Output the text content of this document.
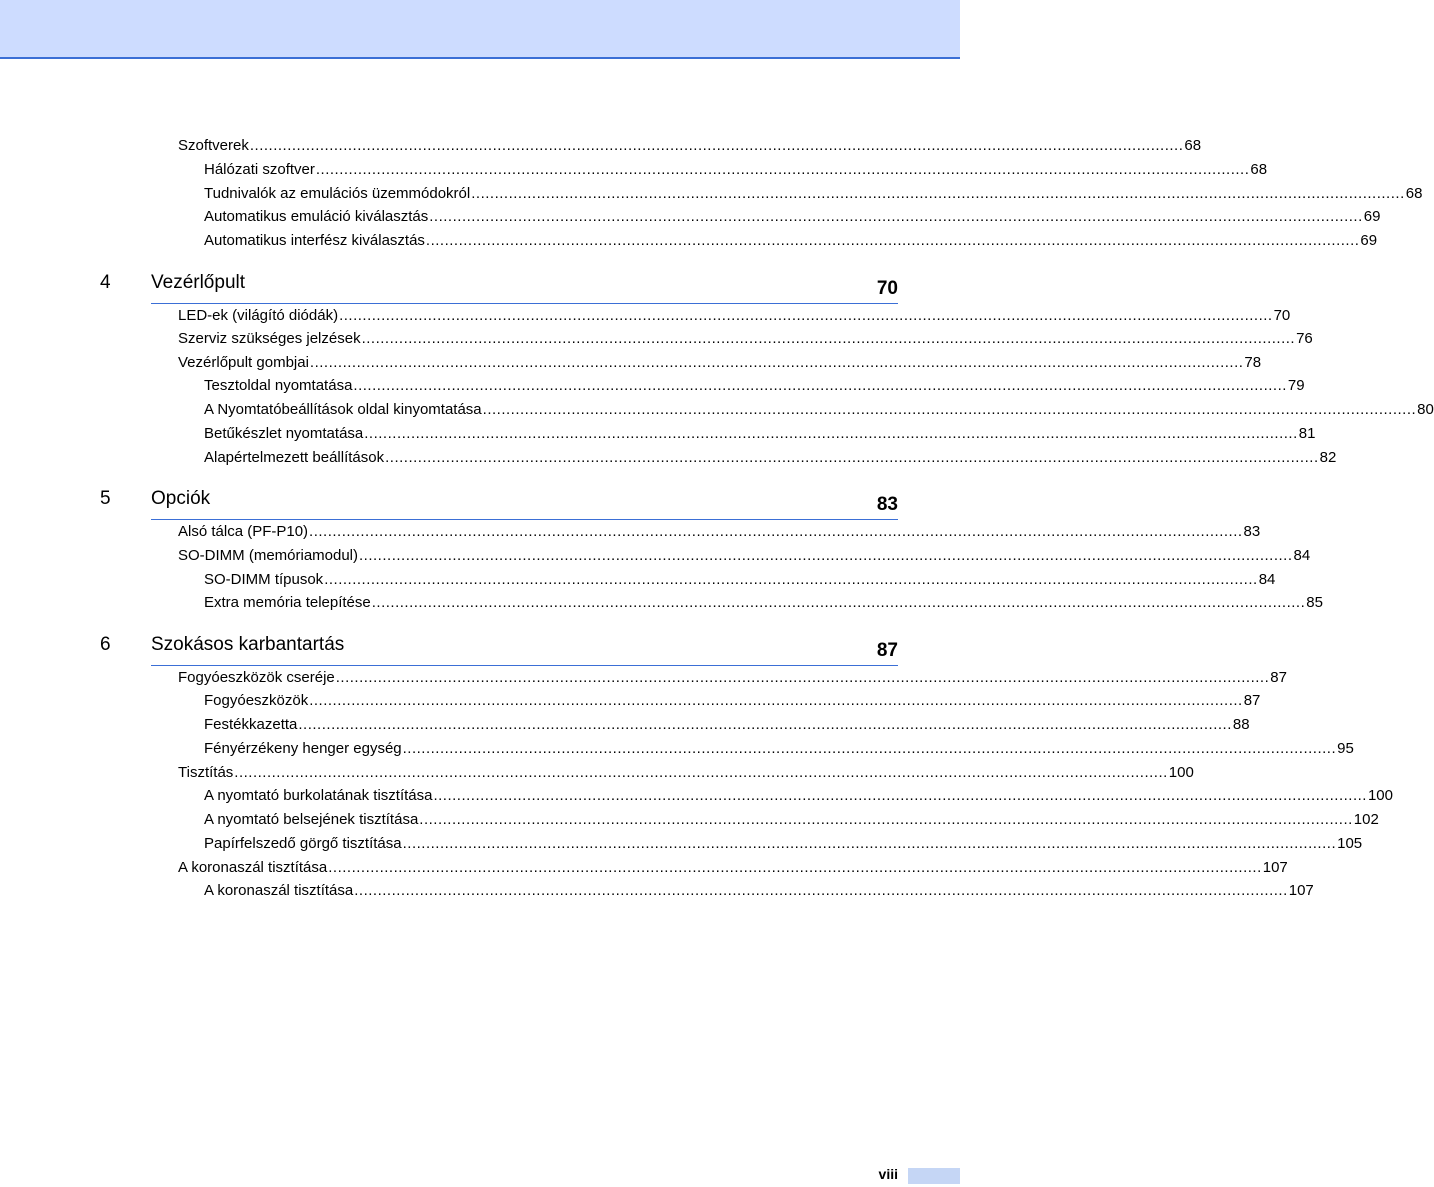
Szoftverek ........................................................................................................................................................................................................ 68
Hálózati szoftver ........................................................................................................................................................................................................ 68
Tudnivalók az emulációs üzemmódokról ........................................................................................................................................................................................................ 68
Automatikus emuláció kiválasztás ........................................................................................................................................................................................................ 69
Automatikus interfész kiválasztás ........................................................................................................................................................................................................ 69
4 Vezérlőpult	70
LED-ek (világító diódák) ........................................................................................................................................................................................................ 70
Szerviz szükséges jelzések ........................................................................................................................................................................................................ 76
Vezérlőpult gombjai ........................................................................................................................................................................................................ 78
Tesztoldal nyomtatása ........................................................................................................................................................................................................ 79
A Nyomtatóbeállítások oldal kinyomtatása ........................................................................................................................................................................................................ 80
Betűkészlet nyomtatása ........................................................................................................................................................................................................ 81
Alapértelmezett beállítások ........................................................................................................................................................................................................ 82
5 Opciók	83
Alsó tálca (PF-P10) ........................................................................................................................................................................................................ 83
SO-DIMM (memóriamodul) ........................................................................................................................................................................................................ 84
SO-DIMM típusok ........................................................................................................................................................................................................ 84
Extra memória telepítése ........................................................................................................................................................................................................ 85
6 Szokásos karbantartás	87
Fogyóeszközök cseréje ........................................................................................................................................................................................................ 87
Fogyóeszközök ........................................................................................................................................................................................................ 87
Festékkazetta ........................................................................................................................................................................................................ 88
Fényérzékeny henger egység ........................................................................................................................................................................................................ 95
Tisztítás ........................................................................................................................................................................................................ 100
A nyomtató burkolatának tisztítása ........................................................................................................................................................................................................ 100
A nyomtató belsejének tisztítása ........................................................................................................................................................................................................ 102
Papírfelszedő görgő tisztítása ........................................................................................................................................................................................................ 105
A koronaszál tisztítása ........................................................................................................................................................................................................ 107
A koronaszál tisztítása ........................................................................................................................................................................................................ 107
viii
